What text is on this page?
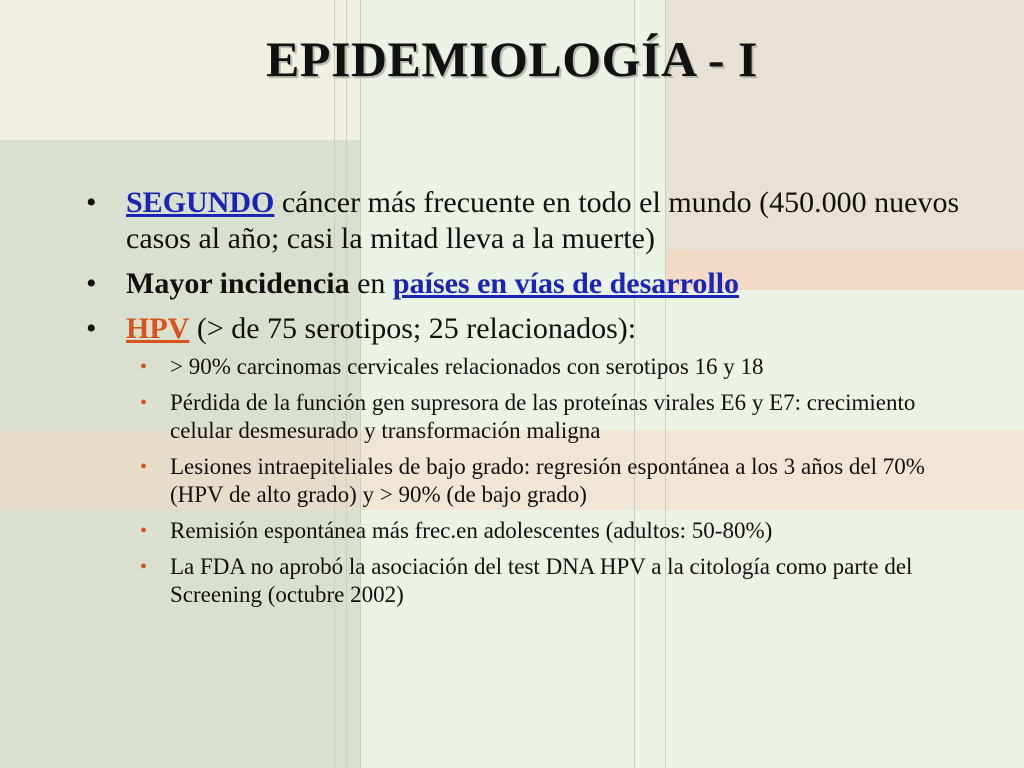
EPIDEMIOLOGÍA - I
• SEGUNDO cáncer más frecuente en todo el mundo (450.000 nuevos casos al año; casi la mitad lleva a la muerte)
• Mayor incidencia en países en vías de desarrollo
• HPV (> de 75 serotipos; 25 relacionados):
• > 90% carcinomas cervicales relacionados con serotipos 16 y 18
• Pérdida de la función gen supresora de las proteínas virales E6 y E7: crecimiento celular desmesurado y transformación maligna
• Lesiones intraepiteliales de bajo grado: regresión espontánea a los 3 años del 70% (HPV de alto grado) y > 90% (de bajo grado)
• Remisión espontánea más frec.en adolescentes (adultos: 50-80%)
• La FDA no aprobó la asociación del test DNA HPV a la citología como parte del Screening (octubre 2002)
